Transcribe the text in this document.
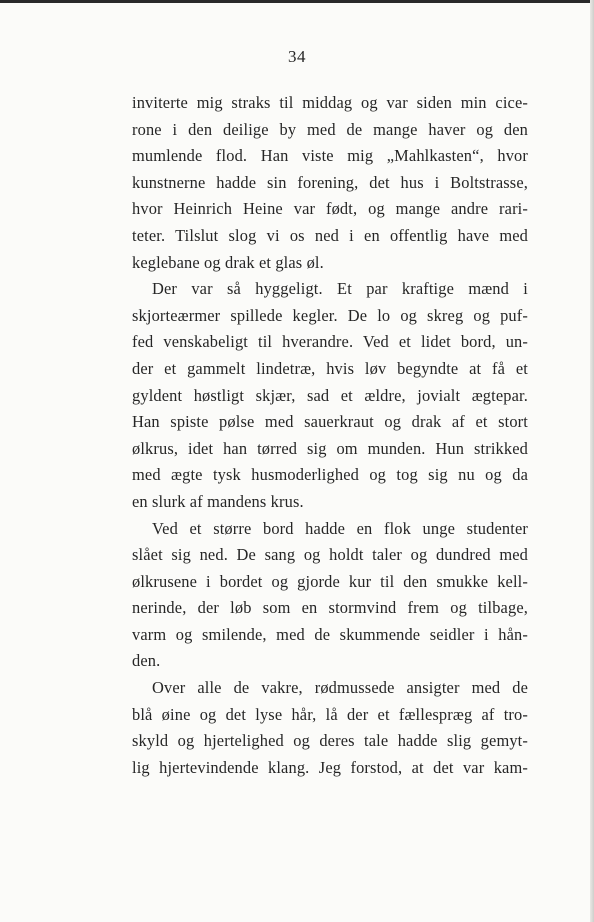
34
inviterte mig straks til middag og var siden min cice-
rone i den deilige by med de mange haver og den
mumlende flod. Han viste mig „Mahlkasten“, hvor
kunstnerne hadde sin forening, det hus i Boltstrasse,
hvor Heinrich Heine var født, og mange andre rari-
teter. Tilslut slog vi os ned i en offentlig have med
keglebane og drak et glas øl.
Der var så hyggeligt. Et par kraftige mænd i
skjorteærmer spillede kegler. De lo og skreg og puf-
fed venskabeligt til hverandre. Ved et lidet bord, un-
der et gammelt lindetræ, hvis løv begyndte at få et
gyldent høstligt skjær, sad et ældre, jovialt ægtepar.
Han spiste pølse med sauerkraut og drak af et stort
ølkrus, idet han tørred sig om munden. Hun strikked
med ægte tysk husmoderlighed og tog sig nu og da
en slurk af mandens krus.
Ved et større bord hadde en flok unge studenter
slået sig ned. De sang og holdt taler og dundred med
ølkrusene i bordet og gjorde kur til den smukke kell-
nerinde, der løb som en stormvind frem og tilbage,
varm og smilende, med de skummende seidler i hån-
den.
Over alle de vakre, rødmussede ansigter med de
blå øine og det lyse hår, lå der et fællespræg af tro-
skyld og hjertelighed og deres tale hadde slig gemyt-
lig hjertevindende klang. Jeg forstod, at det var kam-
